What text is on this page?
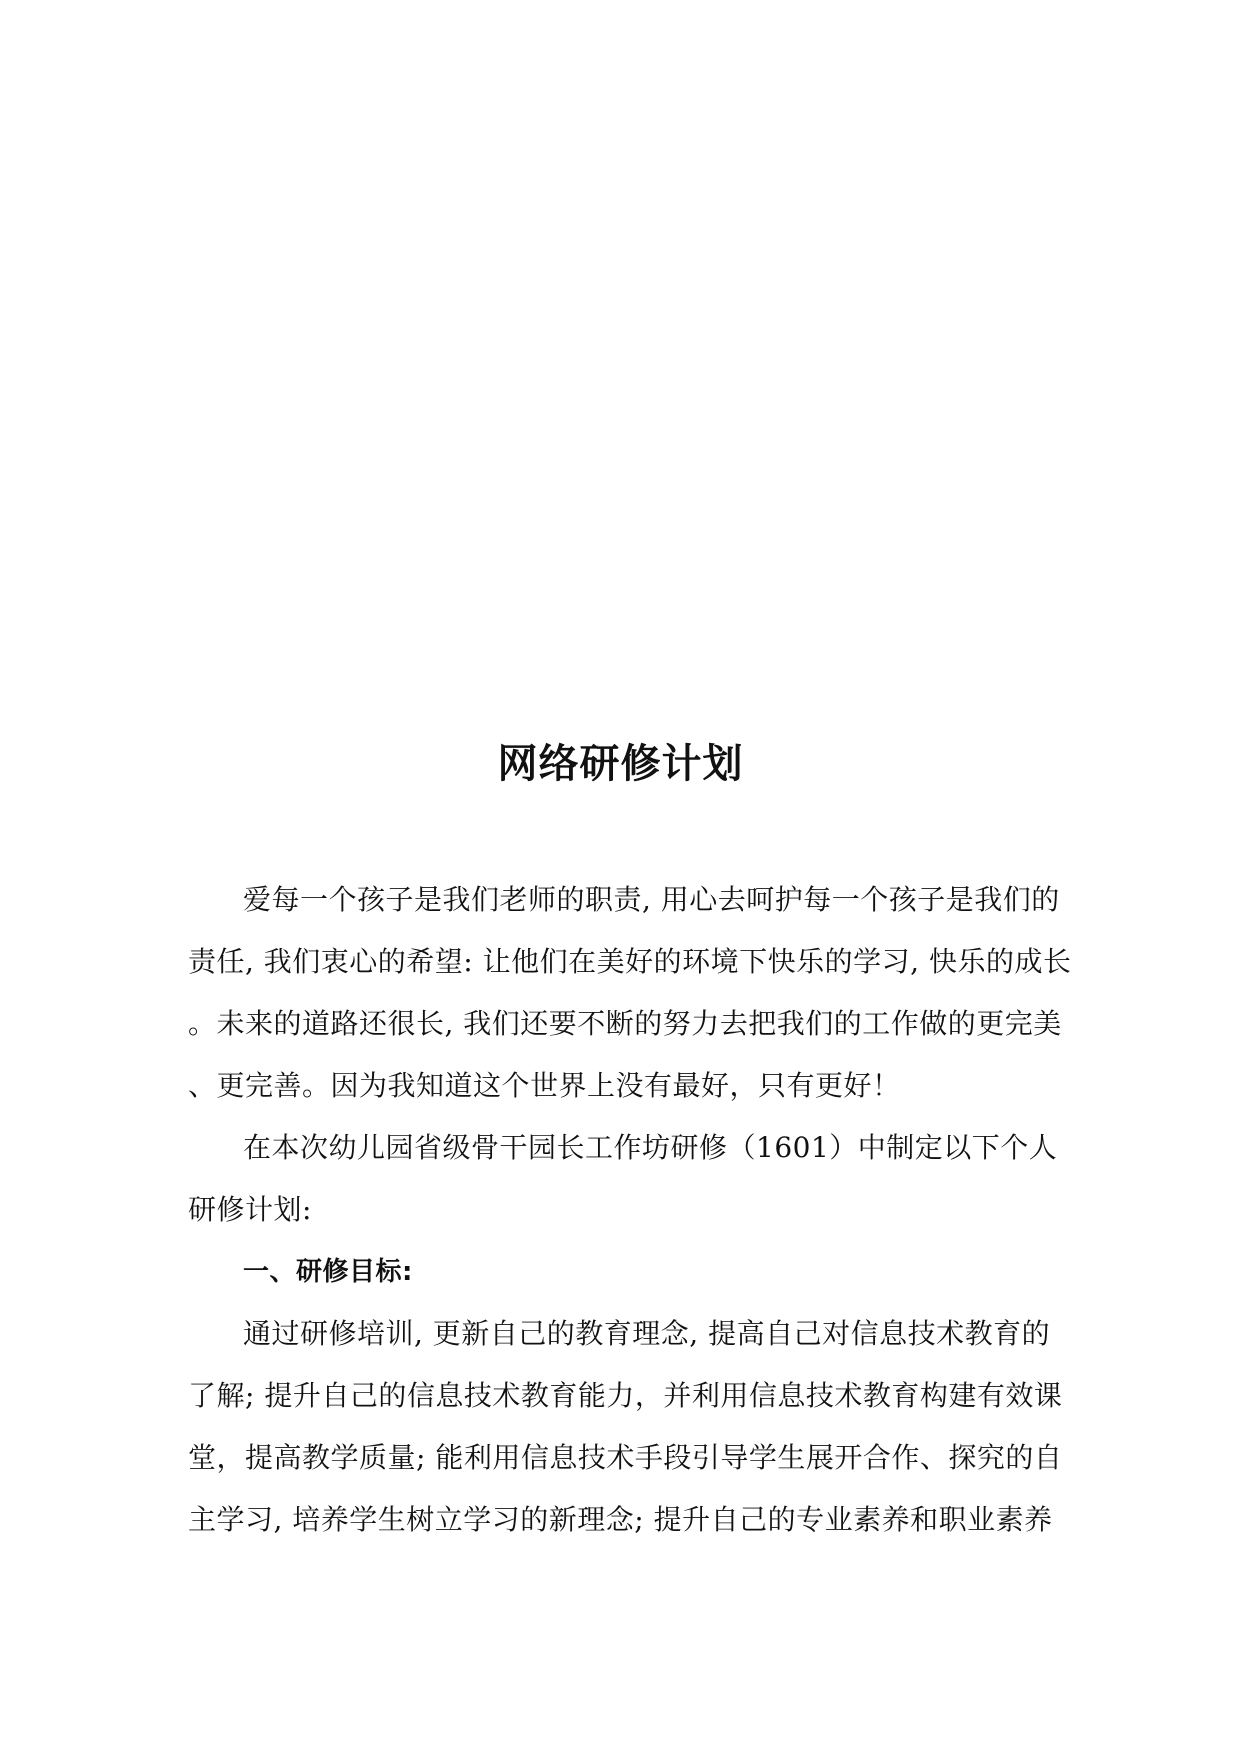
网络研修计划
爱每一个孩子是我们老师的职责, 用心去呵护每一个孩子是我们的
责任, 我们衷心的希望: 让他们在美好的环境下快乐的学习, 快乐的成长
。未来的道路还很长, 我们还要不断的努力去把我们的工作做的更完美
、更完善。因为我知道这个世界上没有最好，只有更好！
在本次幼儿园省级骨干园长工作坊研修（1601）中制定以下个人
研修计划:
一、研修目标:
通过研修培训, 更新自己的教育理念, 提高自己对信息技术教育的
了解; 提升自己的信息技术教育能力，并利用信息技术教育构建有效课
堂，提高教学质量; 能利用信息技术手段引导学生展开合作、探究的自
主学习, 培养学生树立学习的新理念; 提升自己的专业素养和职业素养
